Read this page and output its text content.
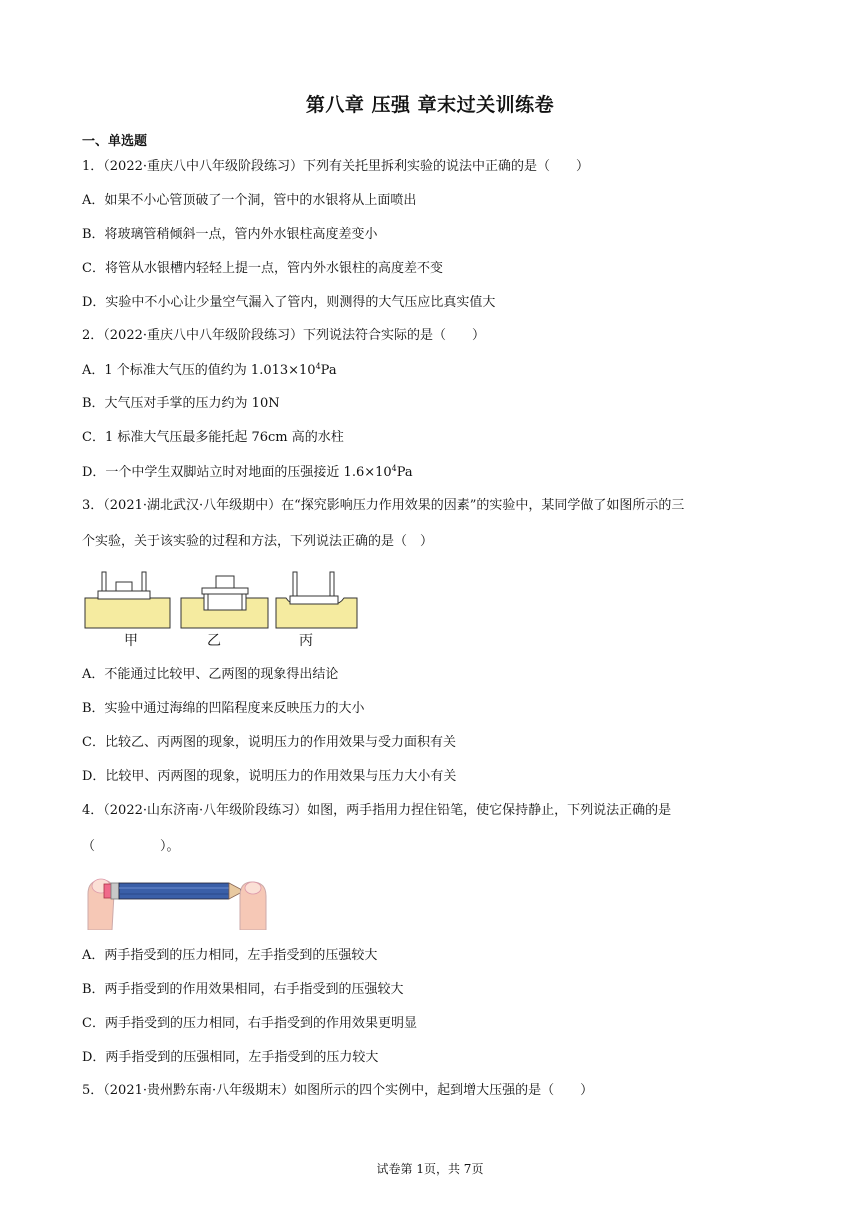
第八章 压强 章末过关训练卷
一、单选题
1．（2022·重庆八中八年级阶段练习）下列有关托里拆利实验的说法中正确的是（　　）
A．如果不小心管顶破了一个洞，管中的水银将从上面喷出
B．将玻璃管稍倾斜一点，管内外水银柱高度差变小
C．将管从水银槽内轻轻上提一点，管内外水银柱的高度差不变
D．实验中不小心让少量空气漏入了管内，则测得的大气压应比真实值大
2．（2022·重庆八中八年级阶段练习）下列说法符合实际的是（　　）
A．1 个标准大气压的值约为 $1.013\times 10^4Pa$
B．大气压对手掌的压力约为 10N
C．1 标准大气压最多能托起 76cm 高的水柱
D．一个中学生双脚站立时对地面的压强接近 $1.6\times 10^4Pa$
3．（2021·湖北武汉·八年级期中）在“探究影响压力作用效果的因素”的实验中，某同学做了如图所示的三
个实验，关于该实验的过程和方法，下列说法正确的是（　）
甲	乙	丙
A．不能通过比较甲、乙两图的现象得出结论
B．实验中通过海绵的凹陷程度来反映压力的大小
C．比较乙、丙两图的现象，说明压力的作用效果与受力面积有关
D．比较甲、丙两图的现象，说明压力的作用效果与压力大小有关
4．（2022·山东济南·八年级阶段练习）如图，两手指用力捏住铅笔，使它保持静止，下列说法正确的是
（　　　　　）。
A．两手指受到的压力相同，左手指受到的压强较大
B．两手指受到的作用效果相同，右手指受到的压强较大
C．两手指受到的压力相同，右手指受到的作用效果更明显
D．两手指受到的压强相同，左手指受到的压力较大
5．（2021·贵州黔东南·八年级期末）如图所示的四个实例中，起到增大压强的是（　　）
试卷第 1页，共 7页
